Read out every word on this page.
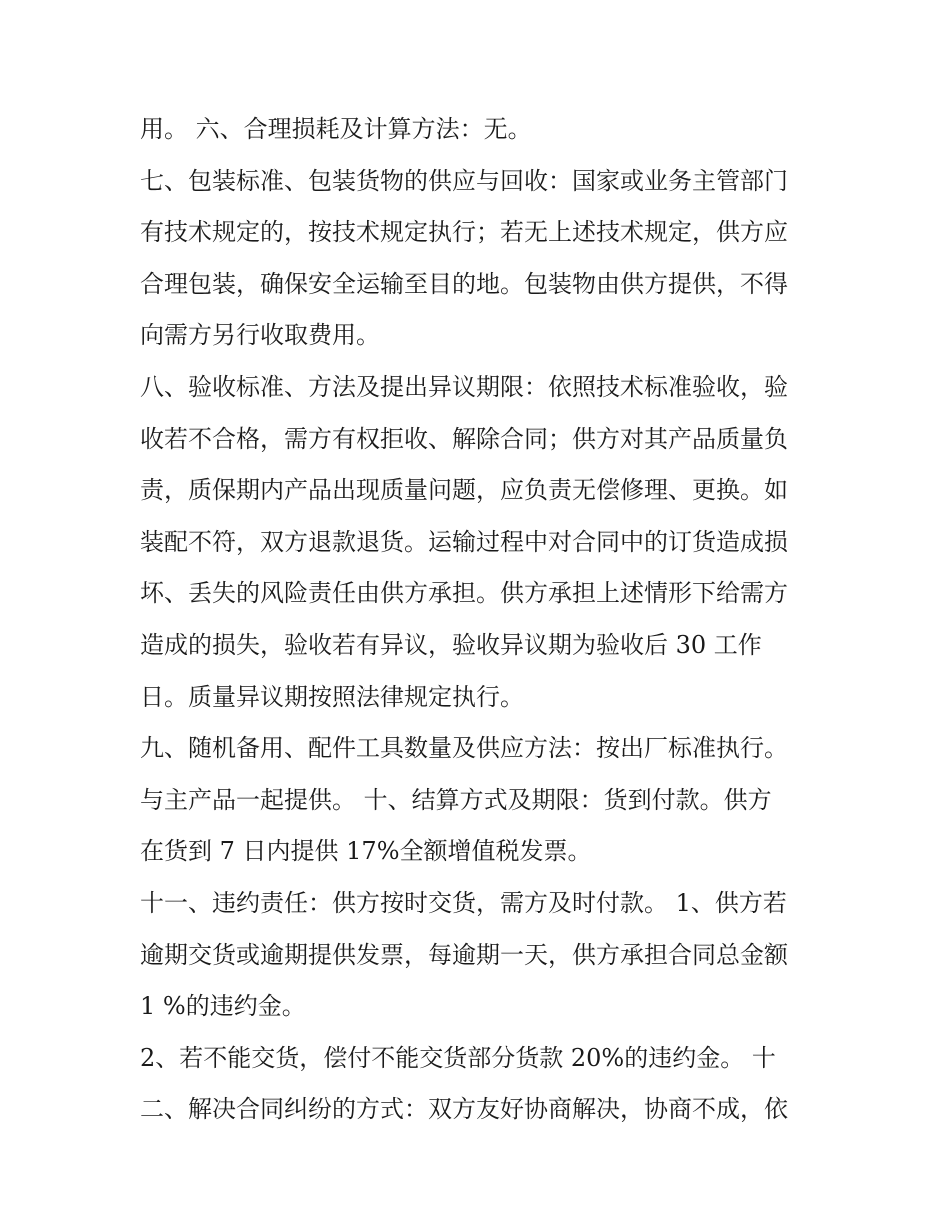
用。 六、合理损耗及计算方法：无。
七、包装标准、包装货物的供应与回收：国家或业务主管部门
有技术规定的，按技术规定执行；若无上述技术规定，供方应
合理包装，确保安全运输至目的地。包装物由供方提供，不得
向需方另行收取费用。
八、验收标准、方法及提出异议期限：依照技术标准验收，验
收若不合格，需方有权拒收、解除合同；供方对其产品质量负
责，质保期内产品出现质量问题，应负责无偿修理、更换。如
装配不符，双方退款退货。运输过程中对合同中的订货造成损
坏、丢失的风险责任由供方承担。供方承担上述情形下给需方
造成的损失，验收若有异议，验收异议期为验收后 30 工作
日。质量异议期按照法律规定执行。
九、随机备用、配件工具数量及供应方法：按出厂标准执行。
与主产品一起提供。 十、结算方式及期限：货到付款。供方
在货到 7 日内提供 17%全额增值税发票。
十一、违约责任：供方按时交货，需方及时付款。 1、供方若
逾期交货或逾期提供发票，每逾期一天，供方承担合同总金额
1 %的违约金。
2、若不能交货，偿付不能交货部分货款 20%的违约金。 十
二、解决合同纠纷的方式：双方友好协商解决，协商不成，依
